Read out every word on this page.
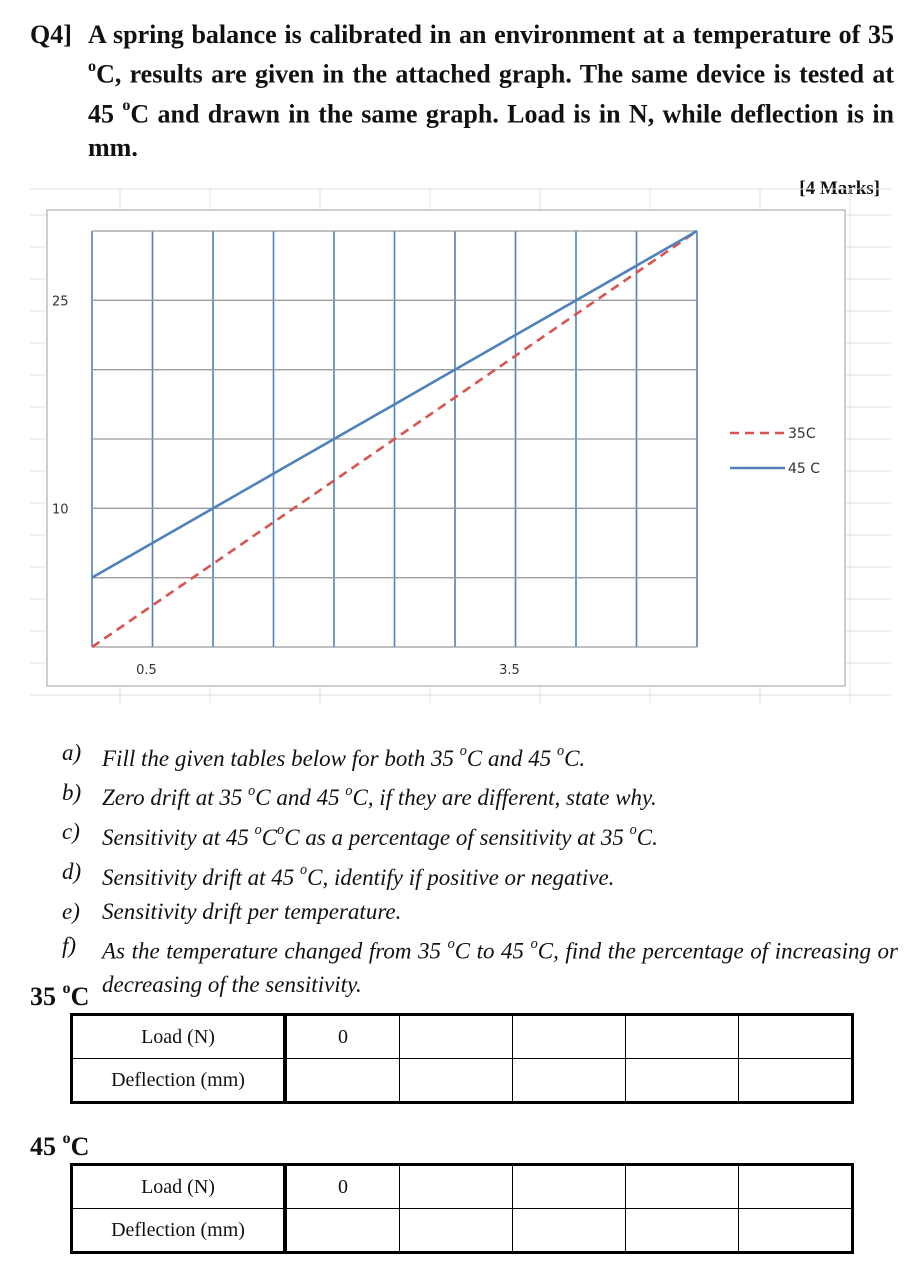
Q4] A spring balance is calibrated in an environment at a temperature of 35 $^o$C, results are given in the attached graph. The same device is tested at 45 $^o$C and drawn in the same graph. Load is in N, while deflection is in mm.
[4 Marks]
0.5	3.5
25
10
35C
45 C
a) Fill the given tables below for both 35 $^o$C and 45 $^o$C.
b) Zero drift at 35 $^o$C and 45 $^o$C, if they are different, state why.
c) Sensitivity at 45 $^oC^oC$ as a percentage of sensitivity at 35 $^o$C.
d) Sensitivity drift at 45 $^o$C, identify if positive or negative.
e) Sensitivity drift per temperature.
f) As the temperature changed from 35 $^o$C to 45 $^o$C, find the percentage of increasing or decreasing of the sensitivity.
35 $^o$C
Load (N)	0				
Deflection (mm)					
45 $^o$C
Load (N)	0				
Deflection (mm)					
